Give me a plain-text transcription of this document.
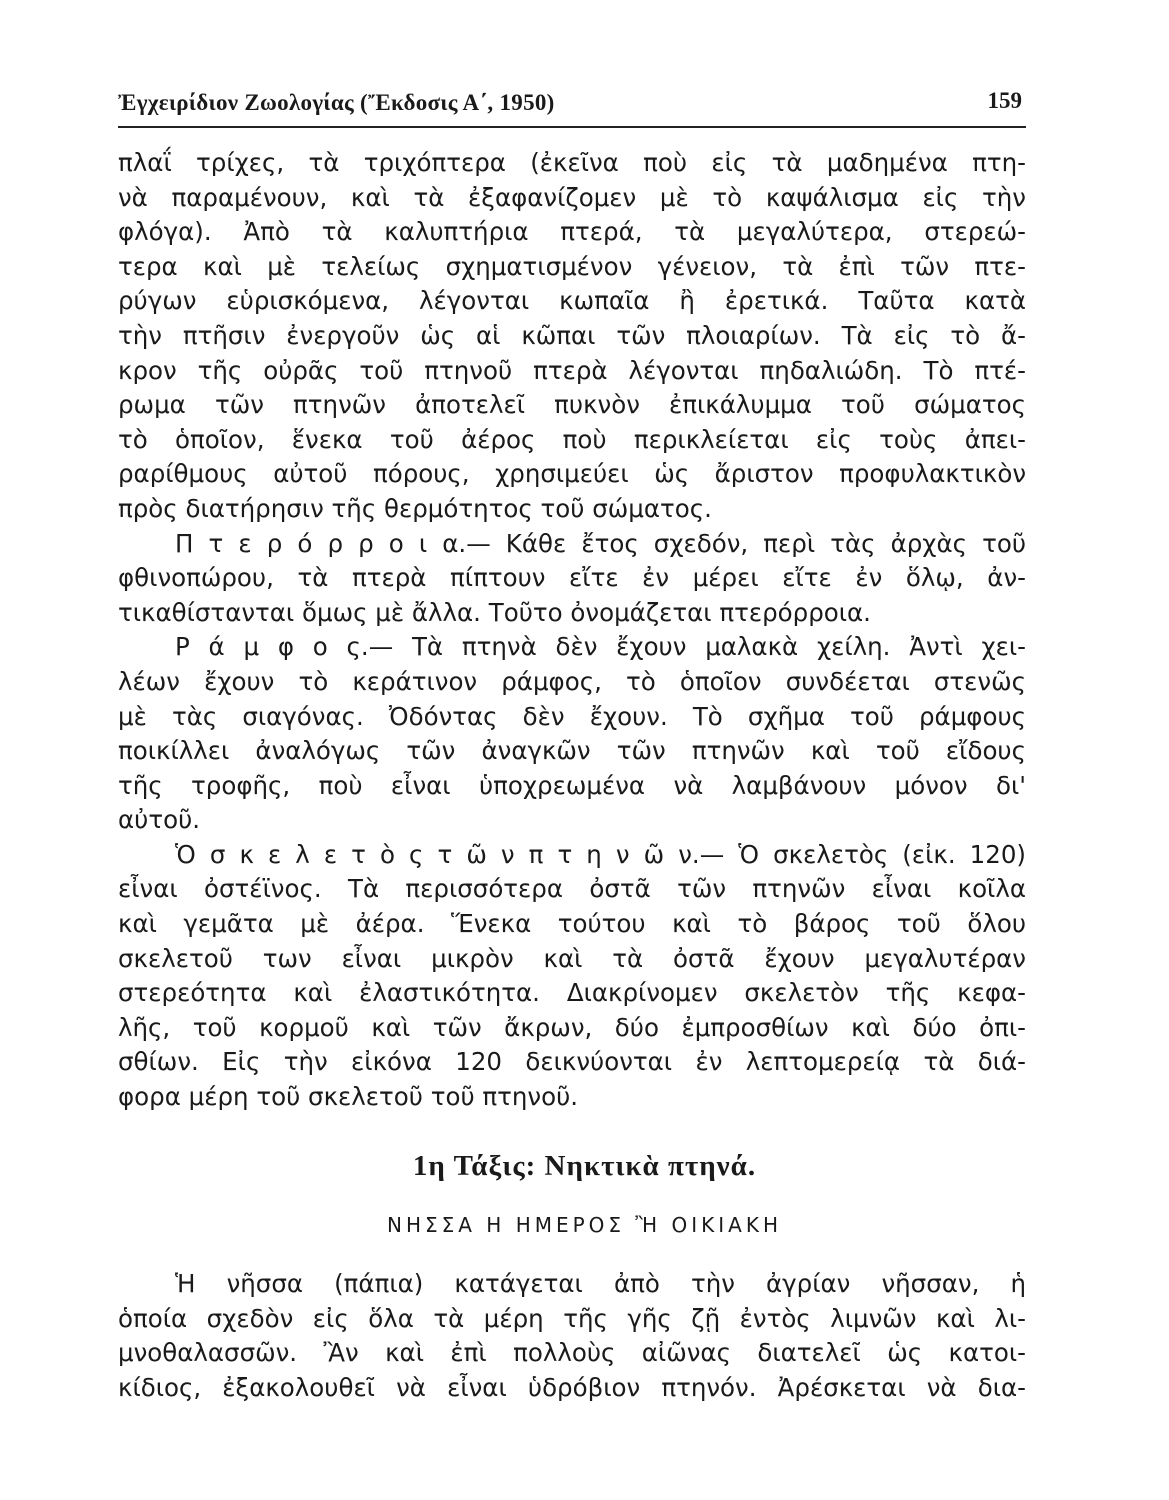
Ἐγχειρίδιον Ζωολογίας (Ἔκδοσις Α΄, 1950)	159
πλαΐ τρίχες, τὰ τριχόπτερα (ἐκεῖνα ποὺ εἰς τὰ μαδημένα πτη-
νὰ παραμένουν, καὶ τὰ ἐξαφανίζομεν μὲ τὸ καψάλισμα εἰς τὴν
φλόγα). Ἀπὸ τὰ καλυπτήρια πτερά, τὰ μεγαλύτερα, στερεώ-
τερα καὶ μὲ τελείως σχηματισμένον γένειον, τὰ ἐπὶ τῶν πτε-
ρύγων εὑρισκόμενα, λέγονται κωπαῖα ἢ ἐρετικά. Ταῦτα κατὰ
τὴν πτῆσιν ἐνεργοῦν ὡς αἱ κῶπαι τῶν πλοιαρίων. Τὰ εἰς τὸ ἄ-
κρον τῆς οὐρᾶς τοῦ πτηνοῦ πτερὰ λέγονται πηδαλιώδη. Τὸ πτέ-
ρωμα τῶν πτηνῶν ἀποτελεῖ πυκνὸν ἐπικάλυμμα τοῦ σώματος
τὸ ὁποῖον, ἕνεκα τοῦ ἀέρος ποὺ περικλείεται εἰς τοὺς ἀπει-
ραρίθμους αὐτοῦ πόρους, χρησιμεύει ὡς ἄριστον προφυλακτικὸν
πρὸς διατήρησιν τῆς θερμότητος τοῦ σώματος.
Π τ ε ρ ό ρ ρ ο ι α.— Κάθε ἔτος σχεδόν, περὶ τὰς ἀρχὰς τοῦ
φθινοπώρου, τὰ πτερὰ πίπτουν εἴτε ἐν μέρει εἴτε ἐν ὅλῳ, ἀν-
τικαθίστανται ὅμως μὲ ἄλλα. Τοῦτο ὀνομάζεται πτερόρροια.
Ρ ά μ φ ο ς.— Τὰ πτηνὰ δὲν ἔχουν μαλακὰ χείλη. Ἀντὶ χει-
λέων ἔχουν τὸ κεράτινον ράμφος, τὸ ὁποῖον συνδέεται στενῶς
μὲ τὰς σιαγόνας. Ὀδόντας δὲν ἔχουν. Τὸ σχῆμα τοῦ ράμφους
ποικίλλει ἀναλόγως τῶν ἀναγκῶν τῶν πτηνῶν καὶ τοῦ εἴδους
τῆς τροφῆς, ποὺ εἶναι ὑποχρεωμένα νὰ λαμβάνουν μόνον δι'
αὐτοῦ.
Ὁ σ κ ε λ ε τ ὸ ς τ ῶ ν π τ η ν ῶ ν.— Ὁ σκελετὸς (εἰκ. 120)
εἶναι ὀστέϊνος. Τὰ περισσότερα ὀστᾶ τῶν πτηνῶν εἶναι κοῖλα
καὶ γεμᾶτα μὲ ἀέρα. Ἕνεκα τούτου καὶ τὸ βάρος τοῦ ὅλου
σκελετοῦ των εἶναι μικρὸν καὶ τὰ ὀστᾶ ἔχουν μεγαλυτέραν
στερεότητα καὶ ἐλαστικότητα. Διακρίνομεν σκελετὸν τῆς κεφα-
λῆς, τοῦ κορμοῦ καὶ τῶν ἄκρων, δύο ἐμπροσθίων καὶ δύο ὀπι-
σθίων. Εἰς τὴν εἰκόνα 120 δεικνύονται ἐν λεπτομερείᾳ τὰ διά-
φορα μέρη τοῦ σκελετοῦ τοῦ πτηνοῦ.
1η Τάξις: Νηκτικὰ πτηνά.
ΝΗΣΣΑ Η ΗΜΕΡΟΣ Ἢ ΟΙΚΙΑΚΗ
Ἡ νῆσσα (πάπια) κατάγεται ἀπὸ τὴν ἀγρίαν νῆσσαν, ἡ
ὁποία σχεδὸν εἰς ὅλα τὰ μέρη τῆς γῆς ζῇ ἐντὸς λιμνῶν καὶ λι-
μνοθαλασσῶν. Ἂν καὶ ἐπὶ πολλοὺς αἰῶνας διατελεῖ ὡς κατοι-
κίδιος, ἐξακολουθεῖ νὰ εἶναι ὑδρόβιον πτηνόν. Ἀρέσκεται νὰ δια-
